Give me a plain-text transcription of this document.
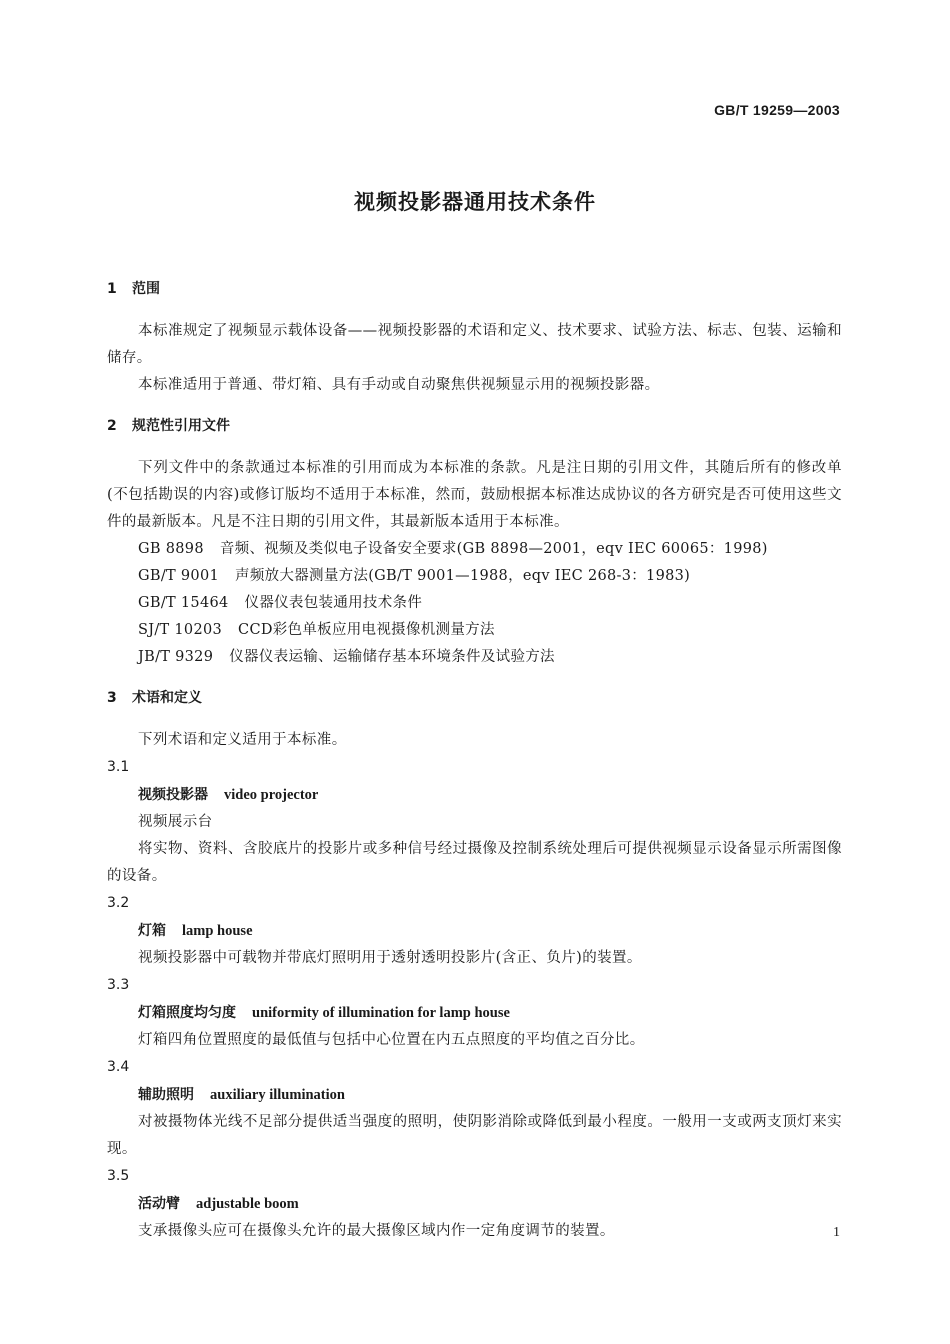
GB/T 19259—2003
视频投影器通用技术条件
1 范围
本标准规定了视频显示载体设备——视频投影器的术语和定义、技术要求、试验方法、标志、包装、运输和储存。
本标准适用于普通、带灯箱、具有手动或自动聚焦供视频显示用的视频投影器。
2 规范性引用文件
下列文件中的条款通过本标准的引用而成为本标准的条款。凡是注日期的引用文件，其随后所有的修改单(不包括勘误的内容)或修订版均不适用于本标准，然而，鼓励根据本标准达成协议的各方研究是否可使用这些文件的最新版本。凡是不注日期的引用文件，其最新版本适用于本标准。
GB 8898 音频、视频及类似电子设备安全要求(GB 8898—2001，eqv IEC 60065：1998)
GB/T 9001 声频放大器测量方法(GB/T 9001—1988，eqv IEC 268-3：1983)
GB/T 15464 仪器仪表包装通用技术条件
SJ/T 10203 CCD彩色单板应用电视摄像机测量方法
JB/T 9329 仪器仪表运输、运输储存基本环境条件及试验方法
3 术语和定义
下列术语和定义适用于本标准。
3.1
视频投影器 video projector
视频展示台
将实物、资料、含胶底片的投影片或多种信号经过摄像及控制系统处理后可提供视频显示设备显示所需图像的设备。
3.2
灯箱 lamp house
视频投影器中可载物并带底灯照明用于透射透明投影片(含正、负片)的装置。
3.3
灯箱照度均匀度 uniformity of illumination for lamp house
灯箱四角位置照度的最低值与包括中心位置在内五点照度的平均值之百分比。
3.4
辅助照明 auxiliary illumination
对被摄物体光线不足部分提供适当强度的照明，使阴影消除或降低到最小程度。一般用一支或两支顶灯来实现。
3.5
活动臂 adjustable boom
支承摄像头应可在摄像头允许的最大摄像区域内作一定角度调节的装置。	1
